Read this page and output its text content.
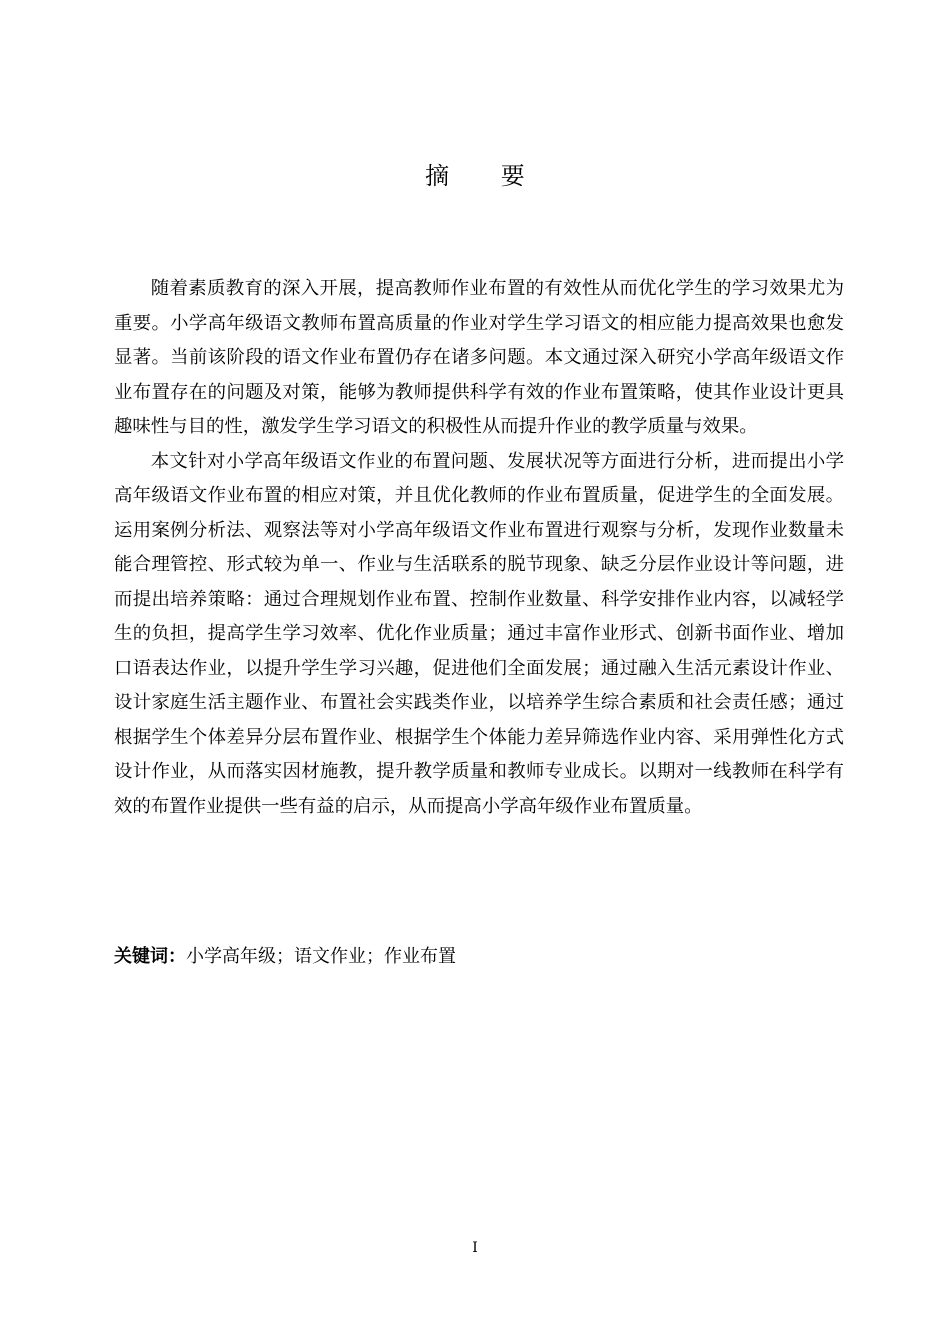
摘 要

随着素质教育的深入开展，提高教师作业布置的有效性从而优化学生的学习效果尤为重要。小学高年级语文教师布置高质量的作业对学生学习语文的相应能力提高效果也愈发显著。当前该阶段的语文作业布置仍存在诸多问题。本文通过深入研究小学高年级语文作业布置存在的问题及对策，能够为教师提供科学有效的作业布置策略，使其作业设计更具趣味性与目的性，激发学生学习语文的积极性从而提升作业的教学质量与效果。

本文针对小学高年级语文作业的布置问题、发展状况等方面进行分析，进而提出小学高年级语文作业布置的相应对策，并且优化教师的作业布置质量，促进学生的全面发展。运用案例分析法、观察法等对小学高年级语文作业布置进行观察与分析，发现作业数量未能合理管控、形式较为单一、作业与生活联系的脱节现象、缺乏分层作业设计等问题，进而提出培养策略：通过合理规划作业布置、控制作业数量、科学安排作业内容，以减轻学生的负担，提高学生学习效率、优化作业质量；通过丰富作业形式、创新书面作业、增加口语表达作业，以提升学生学习兴趣，促进他们全面发展；通过融入生活元素设计作业、设计家庭生活主题作业、布置社会实践类作业，以培养学生综合素质和社会责任感；通过根据学生个体差异分层布置作业、根据学生个体能力差异筛选作业内容、采用弹性化方式设计作业，从而落实因材施教，提升教学质量和教师专业成长。以期对一线教师在科学有效的布置作业提供一些有益的启示，从而提高小学高年级作业布置质量。

关键词：小学高年级；语文作业；作业布置
I
